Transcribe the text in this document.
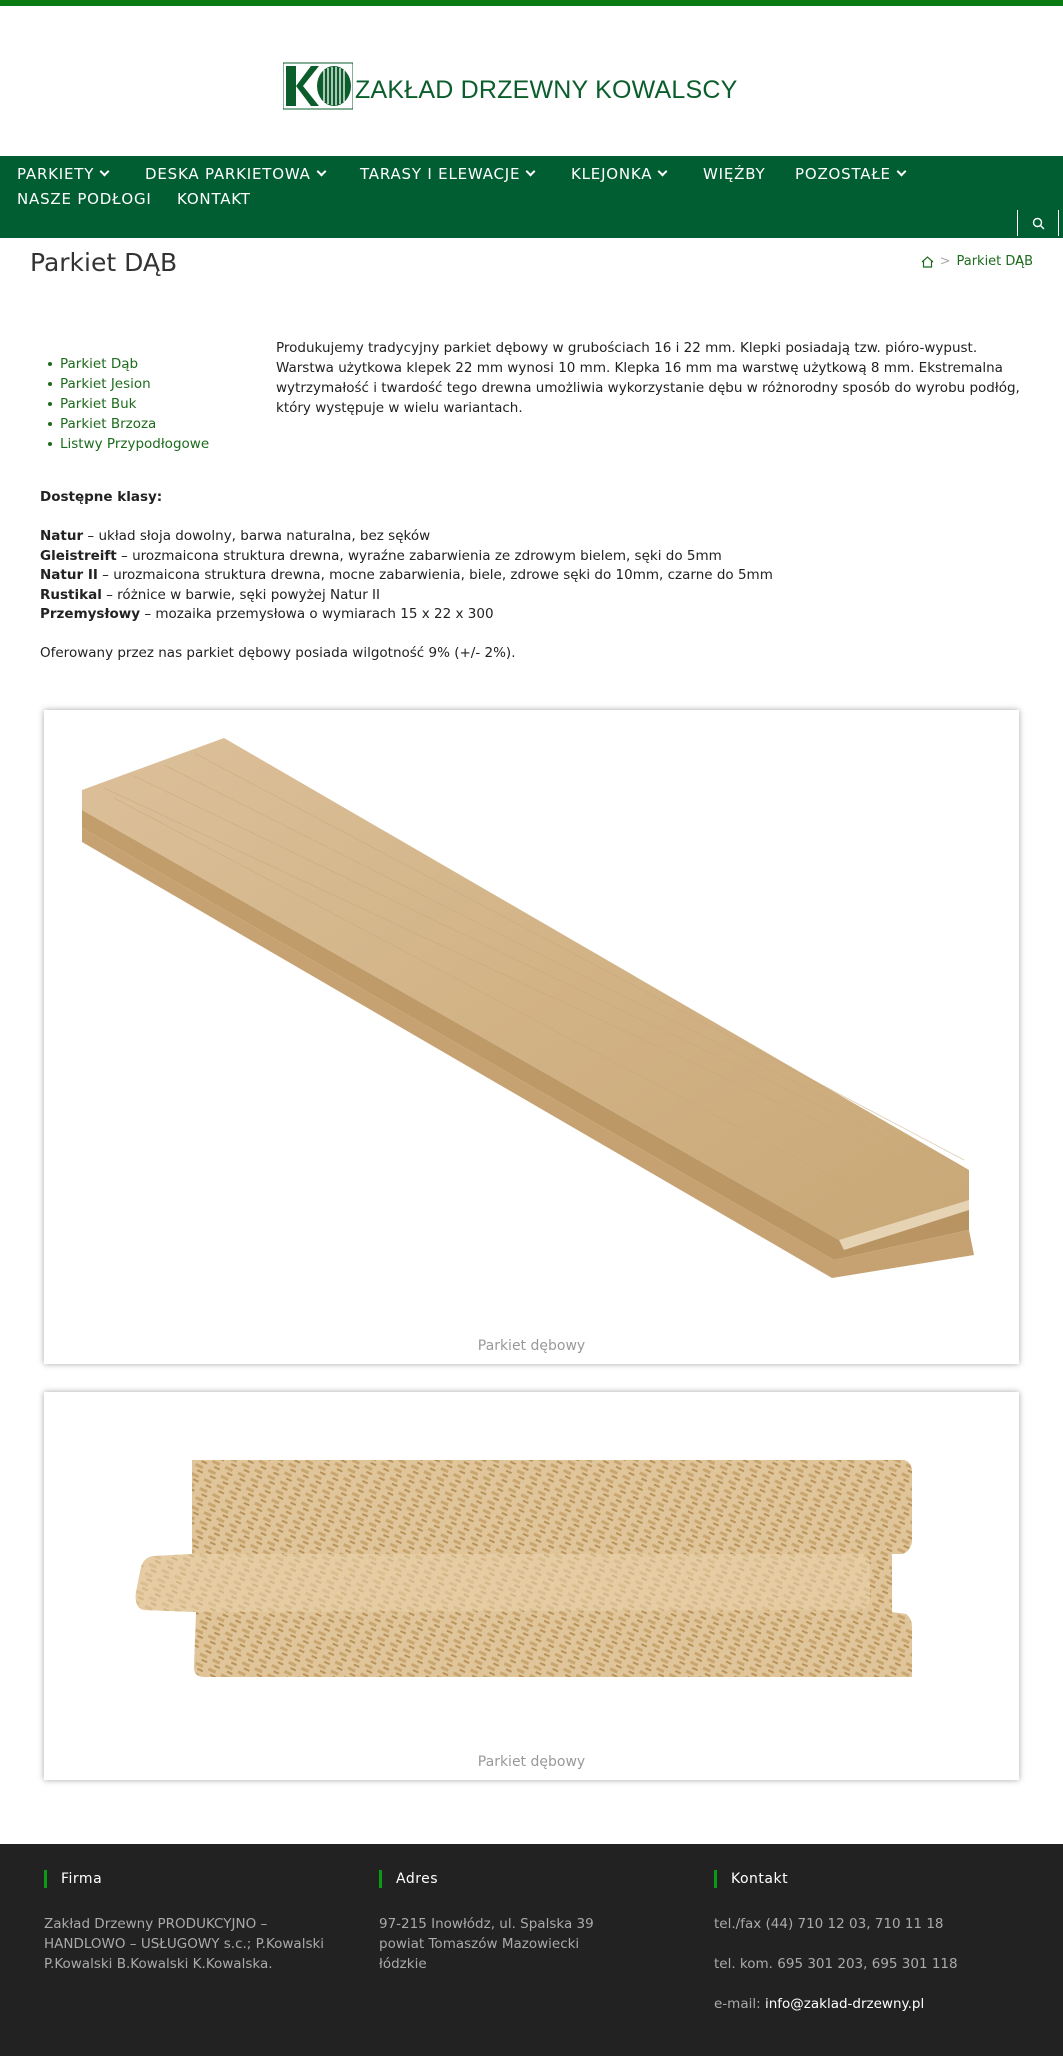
ZAKŁAD DRZEWNY KOWALSCY
PARKIETY	DESKA PARKIETOWA	TARASY I ELEWACJE	KLEJONKA	WIĘŹBY POZOSTAŁE
NASZE PODŁOGI KONTAKT
Parkiet DĄB	> Parkiet DĄB
Parkiet Dąb
Parkiet Jesion
Parkiet Buk
Parkiet Brzoza
Listwy Przypodłogowe

Produkujemy tradycyjny parkiet dębowy w grubościach 16 i 22 mm. Klepki posiadają tzw. pióro-wypust. Warstwa użytkowa klepek 22 mm wynosi 10 mm. Klepka 16 mm ma warstwę użytkową 8 mm. Ekstremalna wytrzymałość i twardość tego drewna umożliwia wykorzystanie dębu w różnorodny sposób do wyrobu podłóg, który występuje w wielu wariantach.

Dostępne klasy:
Natur – układ słoja dowolny, barwa naturalna, bez sęków
Gleistreift – urozmaicona struktura drewna, wyraźne zabarwienia ze zdrowym bielem, sęki do 5mm
Natur II – urozmaicona struktura drewna, mocne zabarwienia, biele, zdrowe sęki do 10mm, czarne do 5mm
Rustikal – różnice w barwie, sęki powyżej Natur II
Przemysłowy – mozaika przemysłowa o wymiarach 15 x 22 x 300

Oferowany przez nas parkiet dębowy posiada wilgotność 9% (+/- 2%).

Parkiet dębowy
Parkiet dębowy
Firma
Zakład Drzewny PRODUKCYJNO – HANDLOWO – USŁUGOWY s.c.; P.Kowalski P.Kowalski B.Kowalski K.Kowalska.
Adres
97-215 Inowłódz, ul. Spalska 39
powiat Tomaszów Mazowiecki
łódzkie
Kontakt
tel./fax (44) 710 12 03, 710 11 18
tel. kom. 695 301 203, 695 301 118
e-mail: info@zaklad-drzewny.pl
